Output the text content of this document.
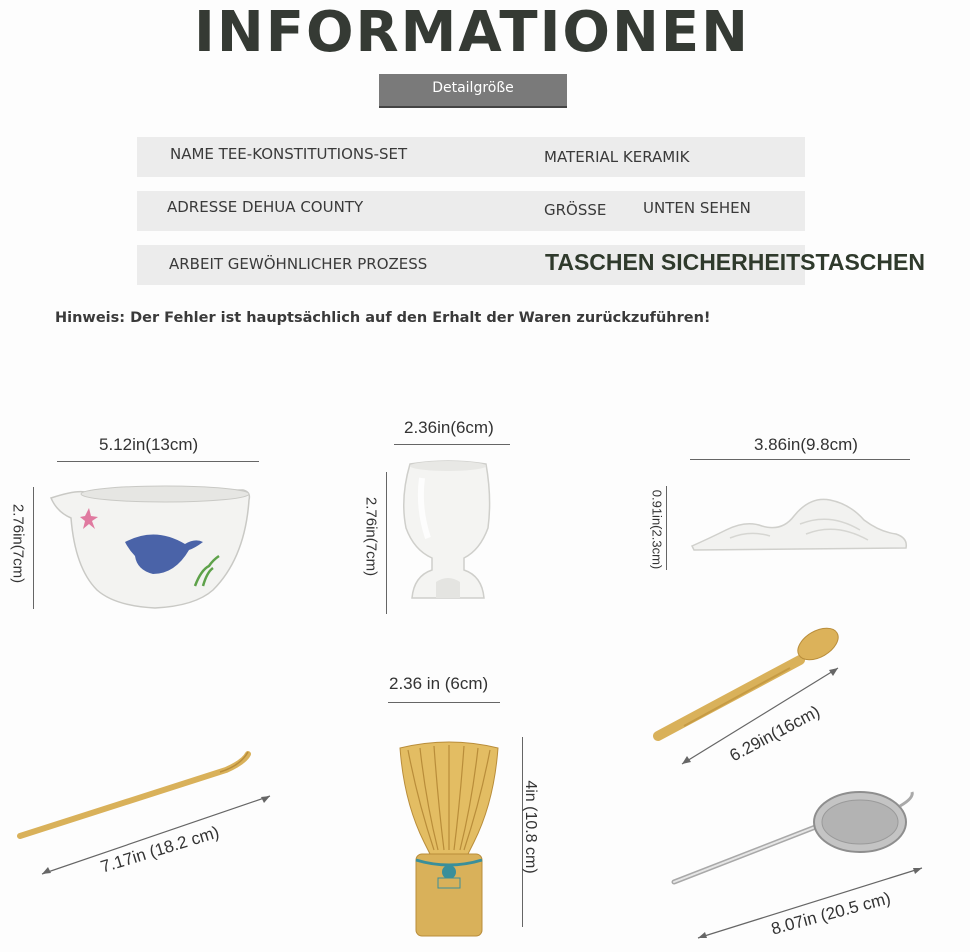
INFORMATIONEN
Detailgröße
NAME TEE-KONSTITUTIONS-SET	MATERIAL KERAMIK
ADRESSE DEHUA COUNTY	GRÖSSE UNTEN SEHEN
ARBEIT GEWÖHNLICHER PROZESS	TASCHEN SICHERHEITSTASCHEN
Hinweis: Der Fehler ist hauptsächlich auf den Erhalt der Waren zurückzuführen!
5.12in(13cm)
2.76in(7cm)
2.36in(6cm)
2.76in(7cm)
3.86in(9.8cm)
0.91in(2.3cm)
6.29in(16cm)
2.36 in (6cm)
4in (10.8 cm)
7.17in (18.2 cm)
8.07in (20.5 cm)
